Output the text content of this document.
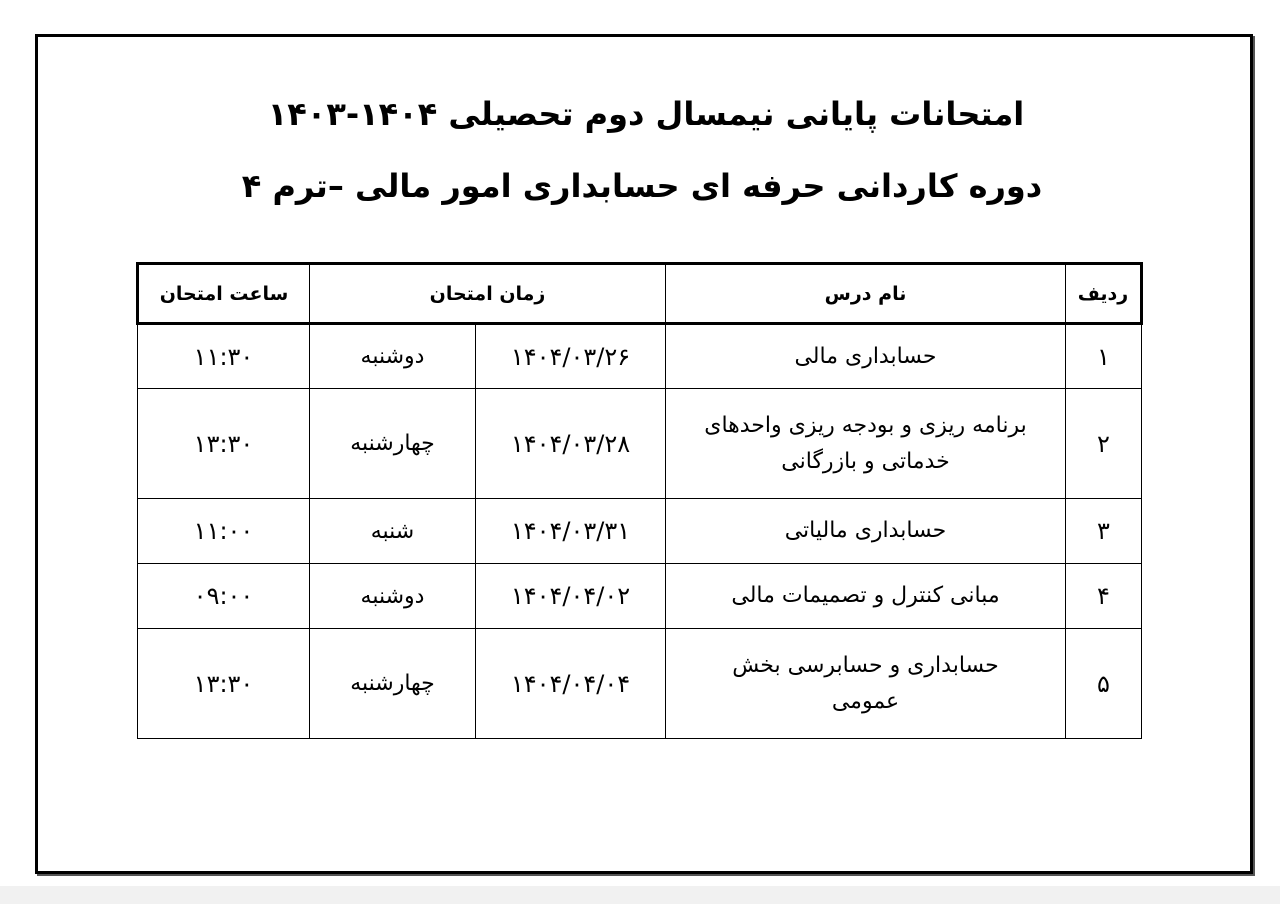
امتحانات پایانی نیمسال دوم تحصیلی ۱۴۰۴-۱۴۰۳
دوره کاردانی حرفه ای حسابداری امور مالی –ترم ۴
ردیف	نام درس	زمان امتحان		ساعت امتحان
۱	حسابداری مالی	۱۴۰۴/۰۳/۲۶	دوشنبه	۱۱:۳۰
۲	برنامه ریزی و بودجه ریزی واحدهای خدماتی و بازرگانی	۱۴۰۴/۰۳/۲۸	چهارشنبه	۱۳:۳۰
۳	حسابداری مالیاتی	۱۴۰۴/۰۳/۳۱	شنبه	۱۱:۰۰
۴	مبانی کنترل و تصمیمات مالی	۱۴۰۴/۰۴/۰۲	دوشنبه	۰۹:۰۰
۵	حسابداری و حسابرسی بخش عمومی	۱۴۰۴/۰۴/۰۴	چهارشنبه	۱۳:۳۰
